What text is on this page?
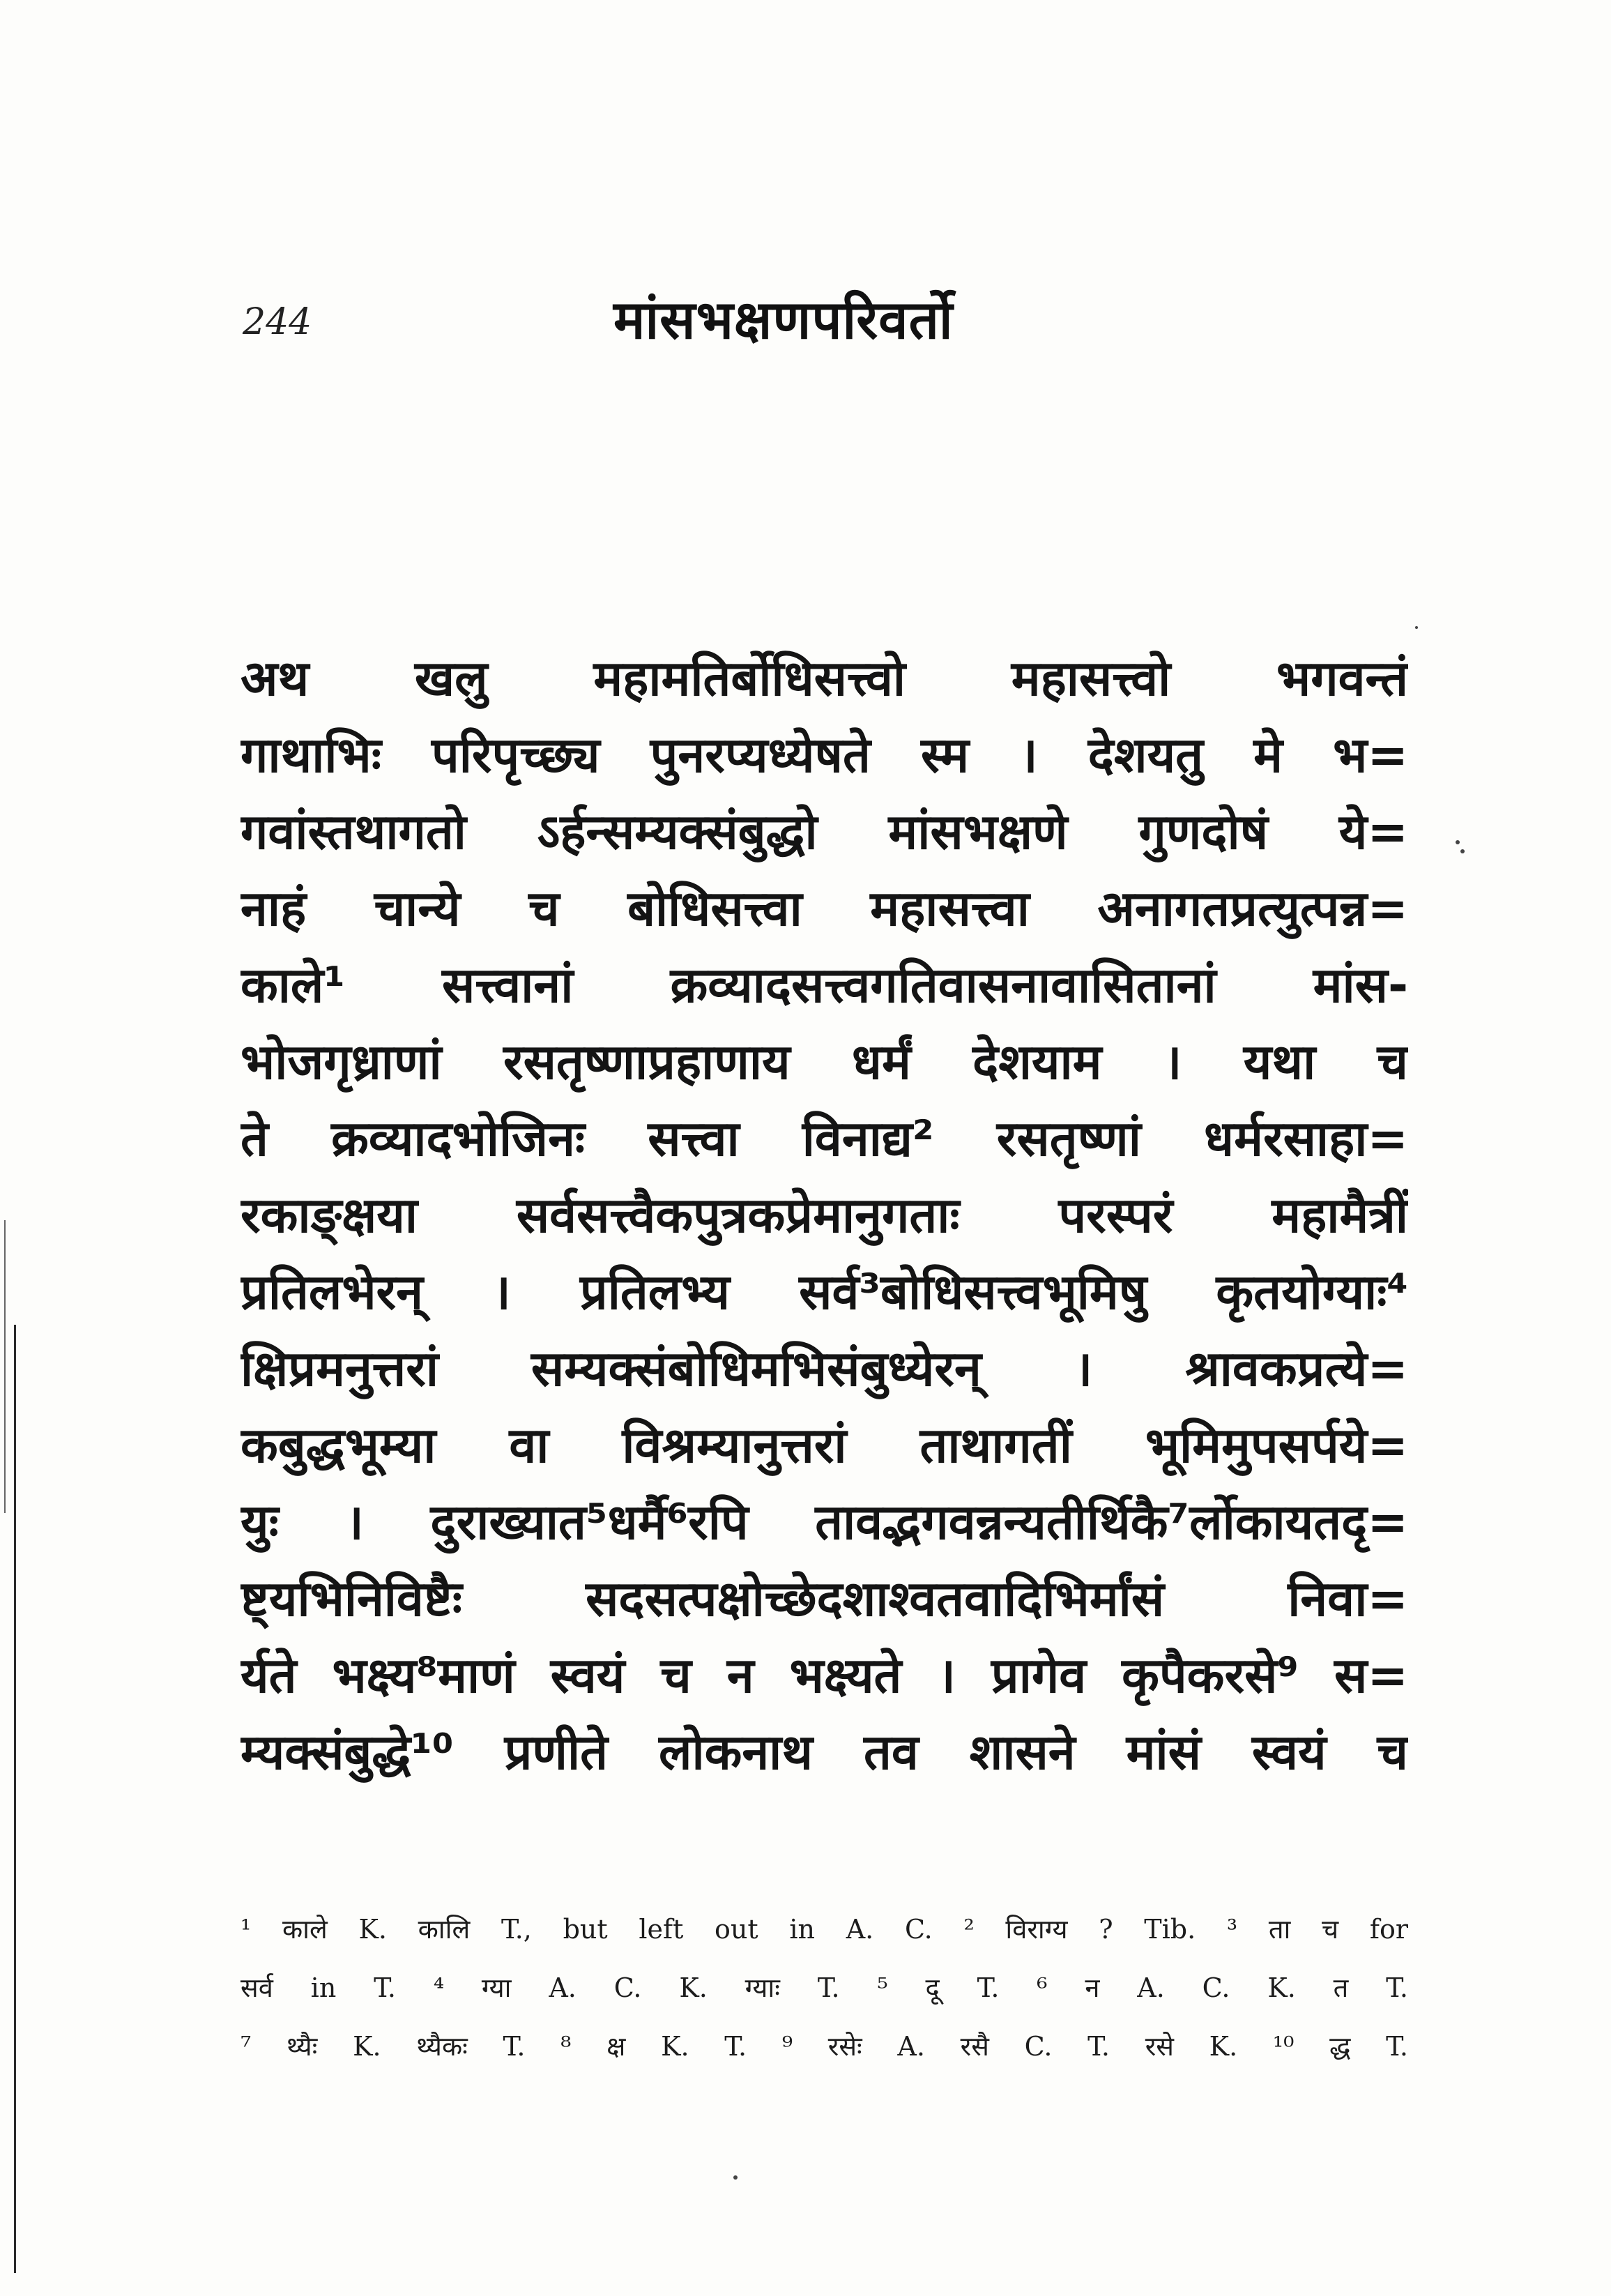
244	मांसभक्षणपरिवर्तो
अथ खलु महामतिर्बोधिसत्त्वो महासत्त्वो भगवन्तं
गाथाभिः परिपृच्छ्य पुनरप्यध्येषते स्म । देशयतु मे भ=
गवांस्तथागतो ऽर्हन्सम्यक्संबुद्धो मांसभक्षणे गुणदोषं ये=
नाहं चान्ये च बोधिसत्त्वा महासत्त्वा अनागतप्रत्युत्पन्न=
काले¹ सत्त्वानां क्रव्यादसत्त्वगतिवासनावासितानां मांस-
भोजगृध्राणां रसतृष्णाप्रहाणाय धर्मं देशयाम । यथा च
ते क्रव्यादभोजिनः सत्त्वा विनाद्य² रसतृष्णां धर्मरसाहा=
रकाङ्क्षया सर्वसत्त्वैकपुत्रकप्रेमानुगताः परस्परं महामैत्रीं
प्रतिलभेरन् । प्रतिलभ्य सर्व³बोधिसत्त्वभूमिषु कृतयोग्याः⁴
क्षिप्रमनुत्तरां सम्यक्संबोधिमभिसंबुध्येरन् । श्रावकप्रत्ये=
कबुद्धभूम्या वा विश्रम्यानुत्तरां ताथागतीं भूमिमुपसर्पये=
युः । दुराख्यात⁵धर्मै⁶रपि तावद्भगवन्नन्यतीर्थिकै⁷र्लोकायतदृ=
ष्ट्यभिनिविष्टैः सदसत्पक्षोच्छेदशाश्वतवादिभिर्मांसं निवा=
र्यते भक्ष्य⁸माणं स्वयं च न भक्ष्यते । प्रागेव कृपैकरसे⁹ स=
म्यक्संबुद्धे¹⁰ प्रणीते लोकनाथ तव शासने मांसं स्वयं च
¹ काले K. कालि T., but left out in A. C. ² विराग्य ? Tib. ³ ता च for
सर्व in T. ⁴ ग्या A. C. K. ग्याः T. ⁵ दू T. ⁶ न A. C. K. त T.
⁷ थ्यैः K. थ्यैकः T. ⁸ क्ष K. T. ⁹ रसेः A. रसै C. T. रसे K. ¹⁰ द्ध T.
